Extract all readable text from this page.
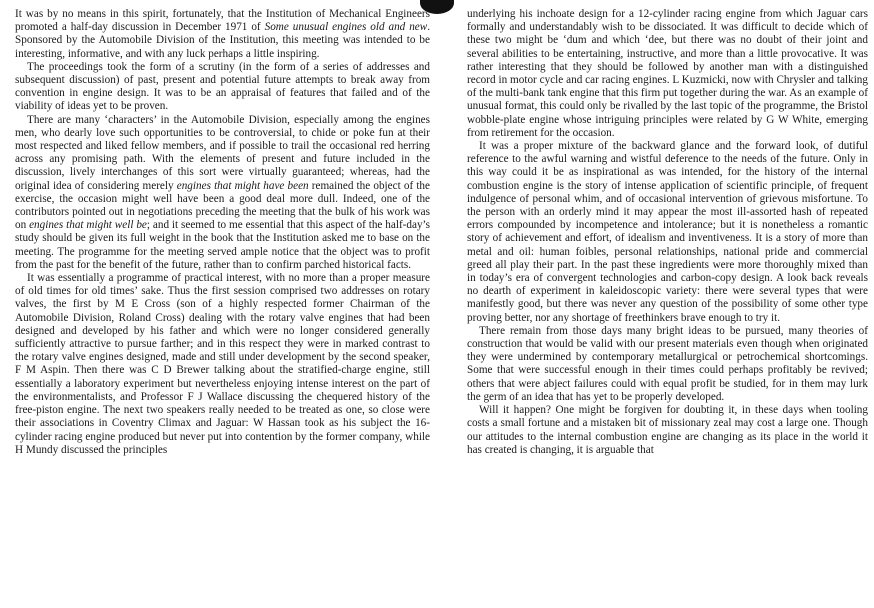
It was by no means in this spirit, fortunately, that the Institution of Mechanical Engineers promoted a half-day discussion in December 1971 of Some unusual engines old and new. Sponsored by the Automobile Division of the Institution, this meeting was intended to be interesting, informative, and with any luck perhaps a little inspiring.

The proceedings took the form of a scrutiny (in the form of a series of addresses and subsequent discussion) of past, present and potential future attempts to break away from convention in engine design. It was to be an appraisal of features that failed and of the viability of ideas yet to be proven.

There are many ‘characters’ in the Automobile Division, especially among the engines men, who dearly love such opportunities to be controversial, to chide or poke fun at their most respected and liked fellow members, and if possible to trail the occasional red herring across any promising path. With the elements of present and future included in the discussion, lively interchanges of this sort were virtually guaranteed; whereas, had the original idea of considering merely engines that might have been remained the object of the exercise, the occasion might well have been a good deal more dull. Indeed, one of the contributors pointed out in negotiations preceding the meeting that the bulk of his work was on engines that might well be; and it seemed to me essential that this aspect of the half-day’s study should be given its full weight in the book that the Institution asked me to base on the meeting. The programme for the meeting served ample notice that the object was to profit from the past for the benefit of the future, rather than to confirm parched historical facts.

It was essentially a programme of practical interest, with no more than a proper measure of old times for old times’ sake. Thus the first session comprised two addresses on rotary valves, the first by M E Cross (son of a highly respected former Chairman of the Automobile Division, Roland Cross) dealing with the rotary valve engines that had been designed and developed by his father and which were no longer considered generally sufficiently attractive to pursue farther; and in this respect they were in marked contrast to the rotary valve engines designed, made and still under development by the second speaker, F M Aspin. Then there was C D Brewer talking about the stratified-charge engine, still essentially a laboratory experiment but nevertheless enjoying intense interest on the part of the environmentalists, and Professor F J Wallace discussing the chequered history of the free-piston engine. The next two speakers really needed to be treated as one, so close were their associations in Coventry Climax and Jaguar: W Hassan took as his subject the 16-cylinder racing engine produced but never put into contention by the former company, while H Mundy discussed the principles

underlying his inchoate design for a 12-cylinder racing engine from which Jaguar cars formally and understandably wish to be dissociated. It was difficult to decide which of these two might be ‘dum and which ‘dee, but there was no doubt of their joint and several abilities to be entertaining, instructive, and more than a little provocative. It was rather interesting that they should be followed by another man with a distinguished record in motor cycle and car racing engines. L Kuzmicki, now with Chrysler and talking of the multi-bank tank engine that this firm put together during the war. As an example of unusual format, this could only be rivalled by the last topic of the programme, the Bristol wobble-plate engine whose intriguing principles were related by G W White, emerging from retirement for the occasion.

It was a proper mixture of the backward glance and the forward look, of dutiful reference to the awful warning and wistful deference to the needs of the future. Only in this way could it be as inspirational as was intended, for the history of the internal combustion engine is the story of intense application of scientific principle, of frequent indulgence of personal whim, and of occasional intervention of grievous misfortune. To the person with an orderly mind it may appear the most ill-assorted hash of repeated errors compounded by incompetence and intolerance; but it is nonetheless a romantic story of achievement and effort, of idealism and inventiveness. It is a story of more than metal and oil: human foibles, personal relationships, national pride and commercial greed all play their part. In the past these ingredients were more thoroughly mixed than in today’s era of convergent technologies and carbon-copy design. A look back reveals no dearth of experiment in kaleidoscopic variety: there were several types that were manifestly good, but there was never any question of the possibility of some other type proving better, nor any shortage of freethinkers brave enough to try it.

There remain from those days many bright ideas to be pursued, many theories of construction that would be valid with our present materials even though when originated they were undermined by contemporary metallurgical or petrochemical shortcomings. Some that were successful enough in their times could perhaps profitably be revived; others that were abject failures could with equal profit be studied, for in them may lurk the germ of an idea that has yet to be properly developed.

Will it happen? One might be forgiven for doubting it, in these days when tooling costs a small fortune and a mistaken bit of missionary zeal may cost a large one. Though our attitudes to the internal combustion engine are changing as its place in the world it has created is changing, it is arguable that
